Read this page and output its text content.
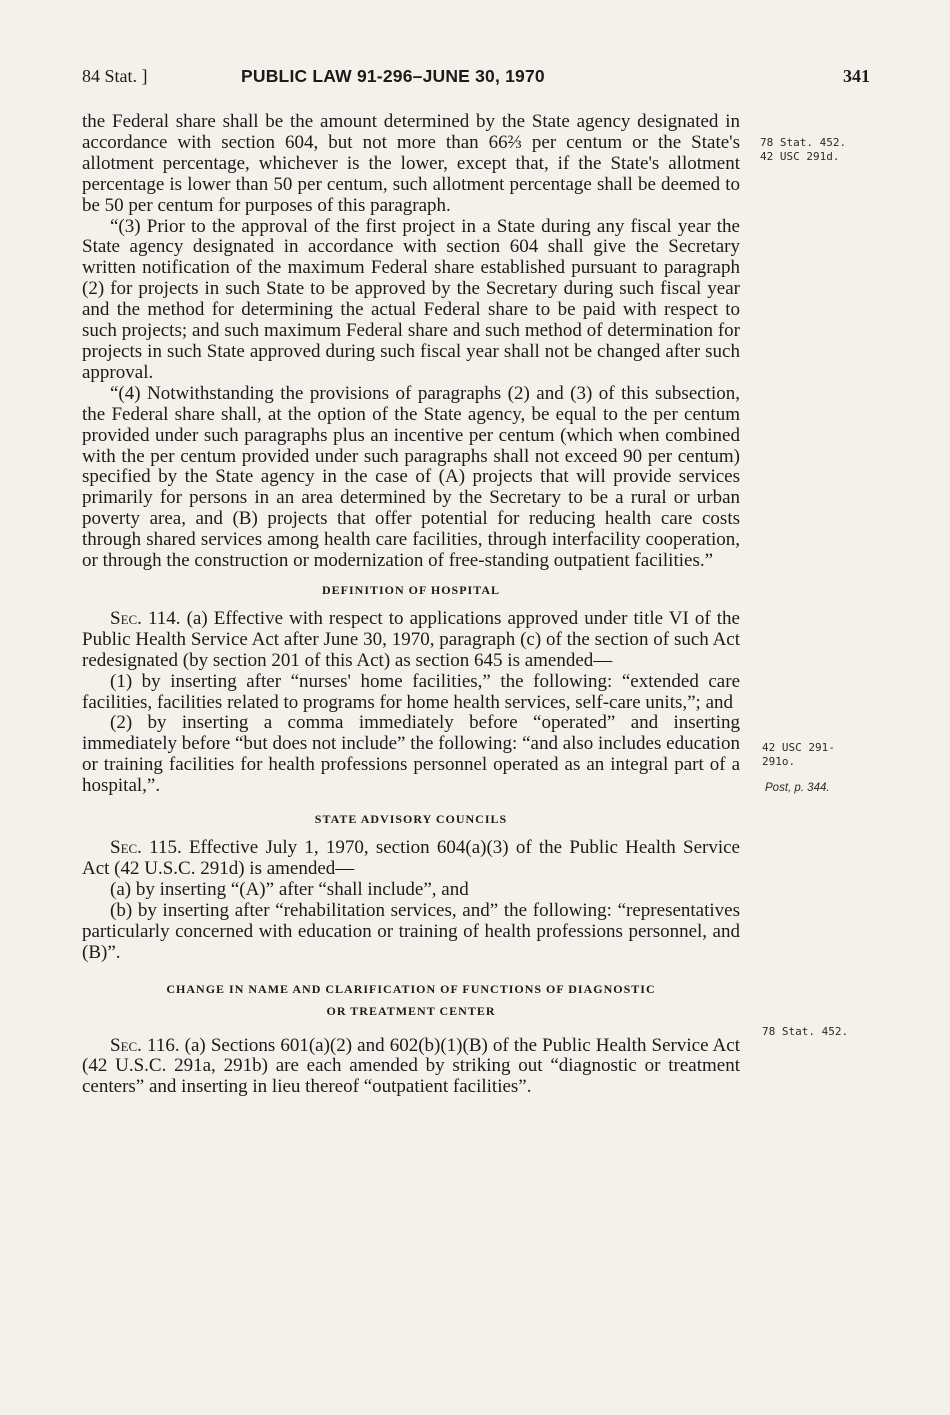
84 Stat. ]	PUBLIC LAW 91-296–JUNE 30, 1970	341

the Federal share shall be the amount determined by the State agency designated in accordance with section 604, but not more than 66⅔ per centum or the State's allotment percentage, whichever is the lower, except that, if the State's allotment percentage is lower than 50 per centum, such allotment percentage shall be deemed to be 50 per centum for purposes of this paragraph.

“(3) Prior to the approval of the first project in a State during any fiscal year the State agency designated in accordance with section 604 shall give the Secretary written notification of the maximum Federal share established pursuant to paragraph (2) for projects in such State to be approved by the Secretary during such fiscal year and the method for determining the actual Federal share to be paid with respect to such projects; and such maximum Federal share and such method of determination for projects in such State approved during such fiscal year shall not be changed after such approval.

“(4) Notwithstanding the provisions of paragraphs (2) and (3) of this subsection, the Federal share shall, at the option of the State agency, be equal to the per centum provided under such paragraphs plus an incentive per centum (which when combined with the per centum provided under such paragraphs shall not exceed 90 per centum) specified by the State agency in the case of (A) projects that will provide services primarily for persons in an area determined by the Secretary to be a rural or urban poverty area, and (B) projects that offer potential for reducing health care costs through shared services among health care facilities, through interfacility cooperation, or through the construction or modernization of free-standing outpatient facilities.”

DEFINITION OF HOSPITAL

Sec. 114. (a) Effective with respect to applications approved under title VI of the Public Health Service Act after June 30, 1970, paragraph (c) of the section of such Act redesignated (by section 201 of this Act) as section 645 is amended—

(1) by inserting after “nurses' home facilities,” the following: “extended care facilities, facilities related to programs for home health services, self-care units,”; and

(2) by inserting a comma immediately before “operated” and inserting immediately before “but does not include” the following: “and also includes education or training facilities for health professions personnel operated as an integral part of a hospital,”.

STATE ADVISORY COUNCILS

Sec. 115. Effective July 1, 1970, section 604(a)(3) of the Public Health Service Act (42 U.S.C. 291d) is amended—

(a) by inserting “(A)” after “shall include”, and

(b) by inserting after “rehabilitation services, and” the following: “representatives particularly concerned with education or training of health professions personnel, and (B)”.

CHANGE IN NAME AND CLARIFICATION OF FUNCTIONS OF DIAGNOSTIC
OR TREATMENT CENTER

Sec. 116. (a) Sections 601(a)(2) and 602(b)(1)(B) of the Public Health Service Act (42 U.S.C. 291a, 291b) are each amended by striking out “diagnostic or treatment centers” and inserting in lieu thereof “outpatient facilities”.

78 Stat. 452.
42 USC 291d.
42 USC 291-
291o.
Post, p. 344.
78 Stat. 452.
